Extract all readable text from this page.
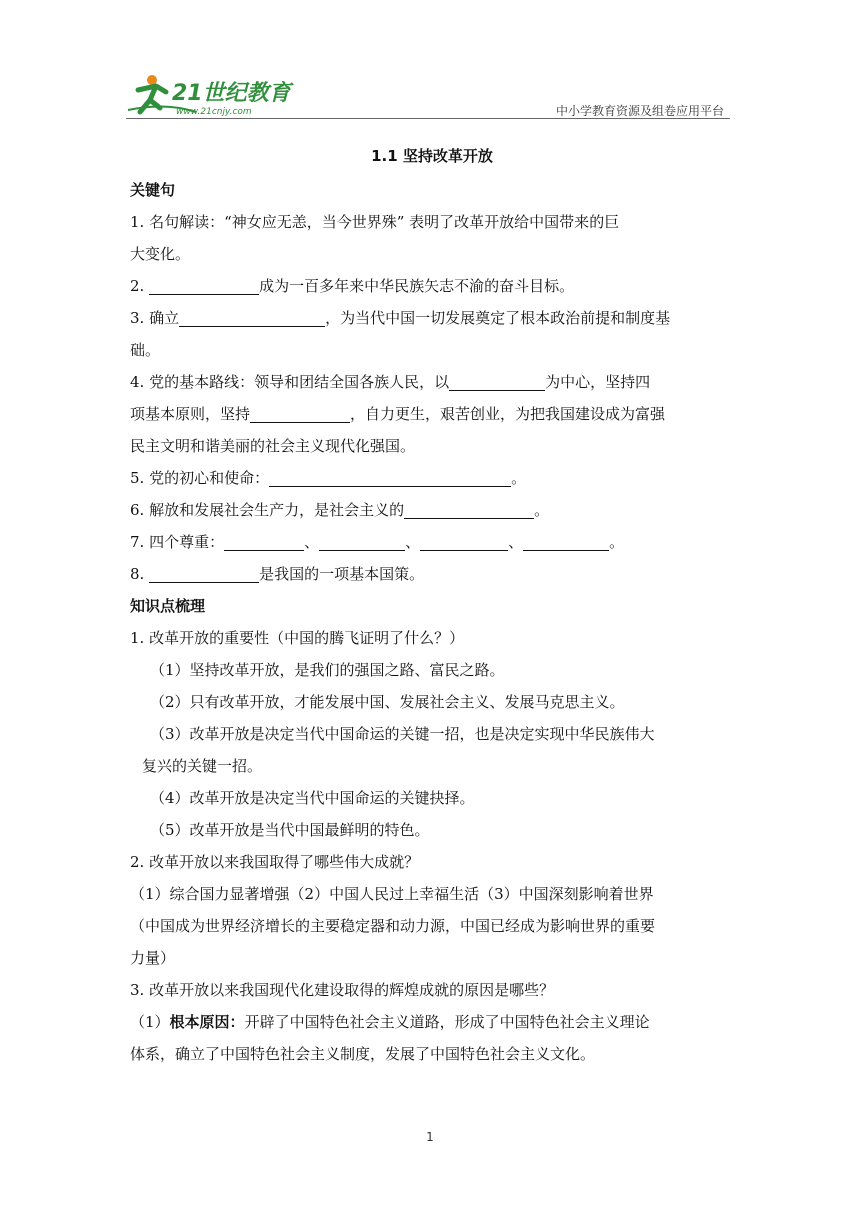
21世纪教育
www.21cnjy.com	中小学教育资源及组卷应用平台
1.1 坚持改革开放
关键句
1. 名句解读：“神女应无恙，当今世界殊” 表明了改革开放给中国带来的巨
大变化。
2.	成为一百多年来中华民族矢志不渝的奋斗目标。
3. 确立	，为当代中国一切发展奠定了根本政治前提和制度基
础。
4. 党的基本路线：领导和团结全国各族人民，以	为中心，坚持四
项基本原则，坚持	，自力更生，艰苦创业，为把我国建设成为富强
民主文明和谐美丽的社会主义现代化强国。
5. 党的初心和使命：	。
6. 解放和发展社会生产力，是社会主义的	。
7. 四个尊重：	、	、	、	。
8.	是我国的一项基本国策。
知识点梳理
1. 改革开放的重要性（中国的腾飞证明了什么？）
（1）坚持改革开放，是我们的强国之路、富民之路。
（2）只有改革开放，才能发展中国、发展社会主义、发展马克思主义。
（3）改革开放是决定当代中国命运的关键一招，也是决定实现中华民族伟大
复兴的关键一招。
（4）改革开放是决定当代中国命运的关键抉择。
（5）改革开放是当代中国最鲜明的特色。
2. 改革开放以来我国取得了哪些伟大成就？
（1）综合国力显著增强（2）中国人民过上幸福生活（3）中国深刻影响着世界
（中国成为世界经济增长的主要稳定器和动力源，中国已经成为影响世界的重要
力量）
3. 改革开放以来我国现代化建设取得的辉煌成就的原因是哪些？
（1）根本原因：开辟了中国特色社会主义道路，形成了中国特色社会主义理论
体系，确立了中国特色社会主义制度，发展了中国特色社会主义文化。
1
